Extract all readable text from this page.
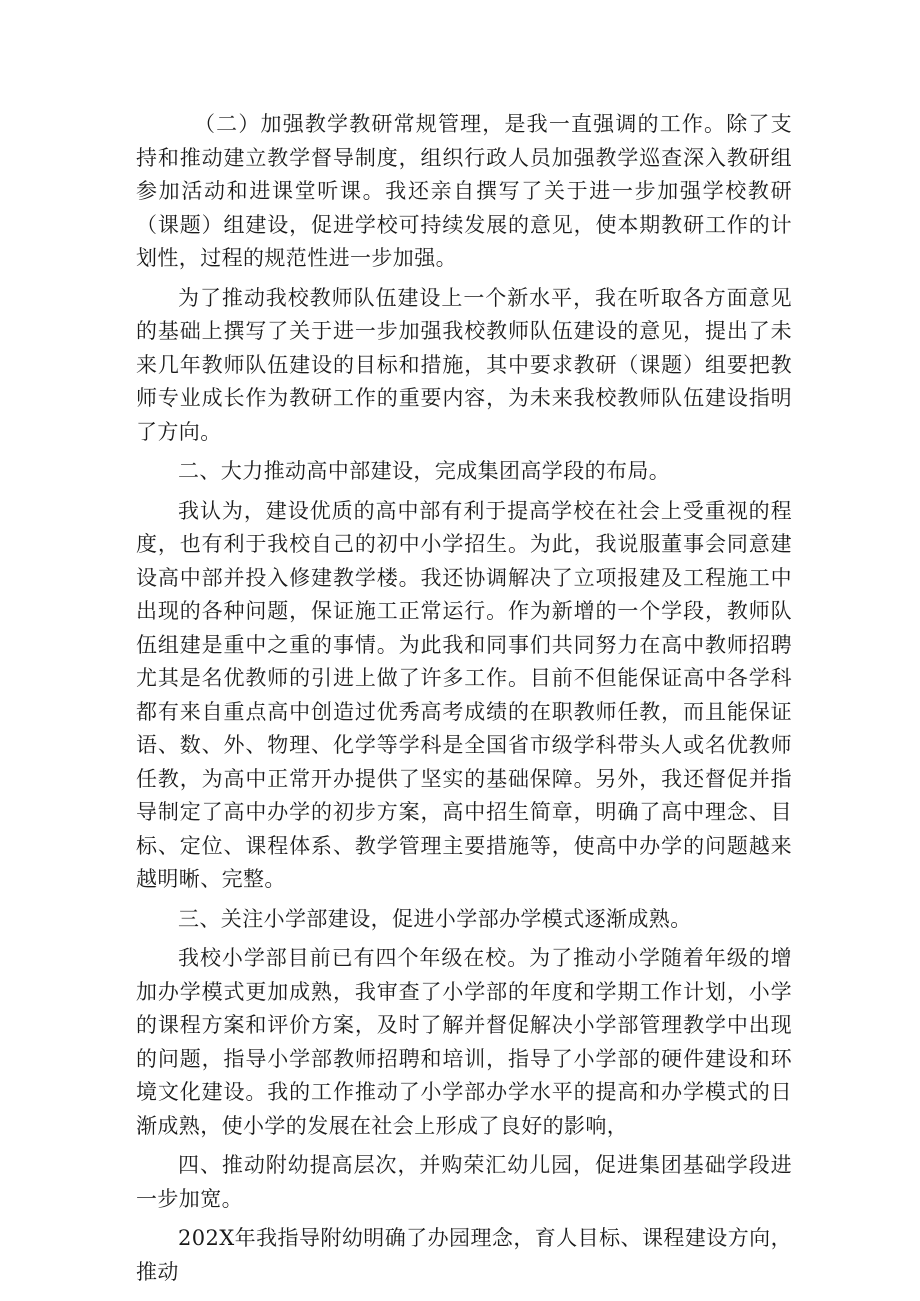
（二）加强教学教研常规管理，是我一直强调的工作。除了支持和推动建立教学督导制度，组织行政人员加强教学巡查深入教研组参加活动和进课堂听课。我还亲自撰写了关于进一步加强学校教研（课题）组建设，促进学校可持续发展的意见，使本期教研工作的计划性，过程的规范性进一步加强。

为了推动我校教师队伍建设上一个新水平，我在听取各方面意见的基础上撰写了关于进一步加强我校教师队伍建设的意见，提出了未来几年教师队伍建设的目标和措施，其中要求教研（课题）组要把教师专业成长作为教研工作的重要内容，为未来我校教师队伍建设指明了方向。

二、大力推动高中部建设，完成集团高学段的布局。

我认为，建设优质的高中部有利于提高学校在社会上受重视的程度，也有利于我校自己的初中小学招生。为此，我说服董事会同意建设高中部并投入修建教学楼。我还协调解决了立项报建及工程施工中出现的各种问题，保证施工正常运行。作为新增的一个学段，教师队伍组建是重中之重的事情。为此我和同事们共同努力在高中教师招聘尤其是名优教师的引进上做了许多工作。目前不但能保证高中各学科都有来自重点高中创造过优秀高考成绩的在职教师任教，而且能保证语、数、外、物理、化学等学科是全国省市级学科带头人或名优教师任教，为高中正常开办提供了坚实的基础保障。另外，我还督促并指导制定了高中办学的初步方案，高中招生简章，明确了高中理念、目标、定位、课程体系、教学管理主要措施等，使高中办学的问题越来越明晰、完整。

三、关注小学部建设，促进小学部办学模式逐渐成熟。

我校小学部目前已有四个年级在校。为了推动小学随着年级的增加办学模式更加成熟，我审查了小学部的年度和学期工作计划，小学的课程方案和评价方案，及时了解并督促解决小学部管理教学中出现的问题，指导小学部教师招聘和培训，指导了小学部的硬件建设和环境文化建设。我的工作推动了小学部办学水平的提高和办学模式的日渐成熟，使小学的发展在社会上形成了良好的影响，

四、推动附幼提高层次，并购荣汇幼儿园，促进集团基础学段进一步加宽。

202X年我指导附幼明确了办园理念，育人目标、课程建设方向，推动
